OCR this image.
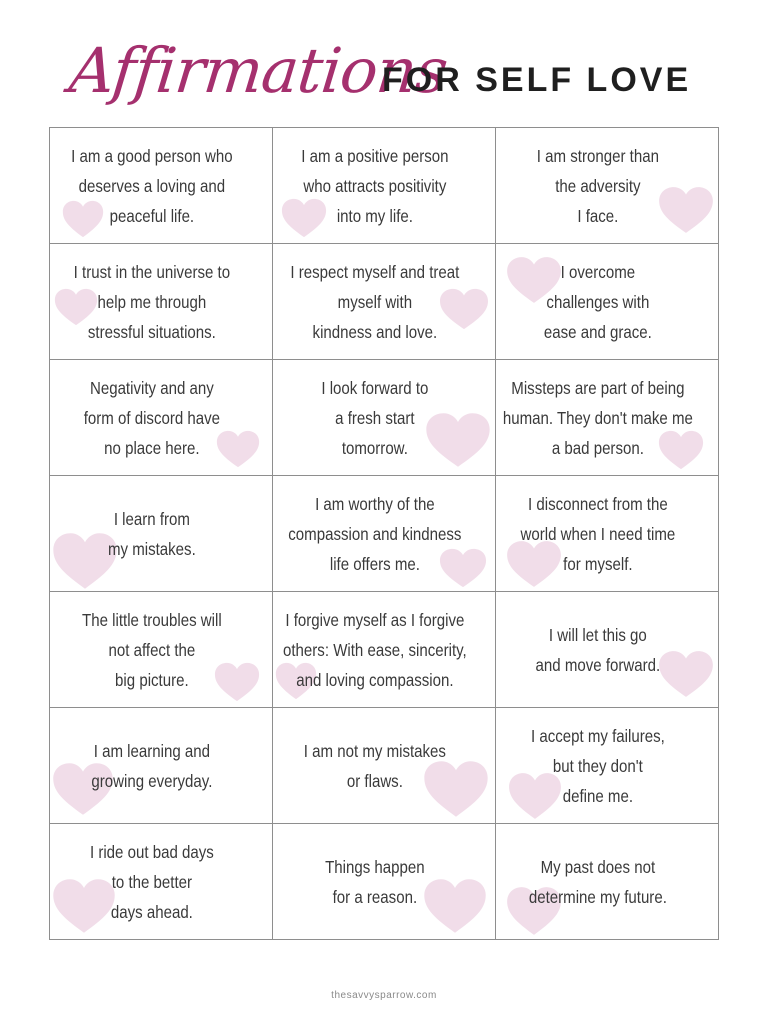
Affirmations
FOR SELF LOVE
I am a good person who
deserves a loving and
peaceful life.
I am a positive person
who attracts positivity
into my life.
I am stronger than
the adversity
I face.
I trust in the universe to
help me through
stressful situations.
I respect myself and treat
myself with
kindness and love.
I overcome
challenges with
ease and grace.
Negativity and any
form of discord have
no place here.
I look forward to
a fresh start
tomorrow.
Missteps are part of being
human. They don't make me
a bad person.
I learn from
my mistakes.
I am worthy of the
compassion and kindness
life offers me.
I disconnect from the
world when I need time
for myself.
The little troubles will
not affect the
big picture.
I forgive myself as I forgive
others: With ease, sincerity,
and loving compassion.
I will let this go
and move forward.
I am learning and
growing everyday.
I am not my mistakes
or flaws.
I accept my failures,
but they don't
define me.
I ride out bad days
to the better
days ahead.
Things happen
for a reason.
My past does not
determine my future.
thesavvysparrow.com
